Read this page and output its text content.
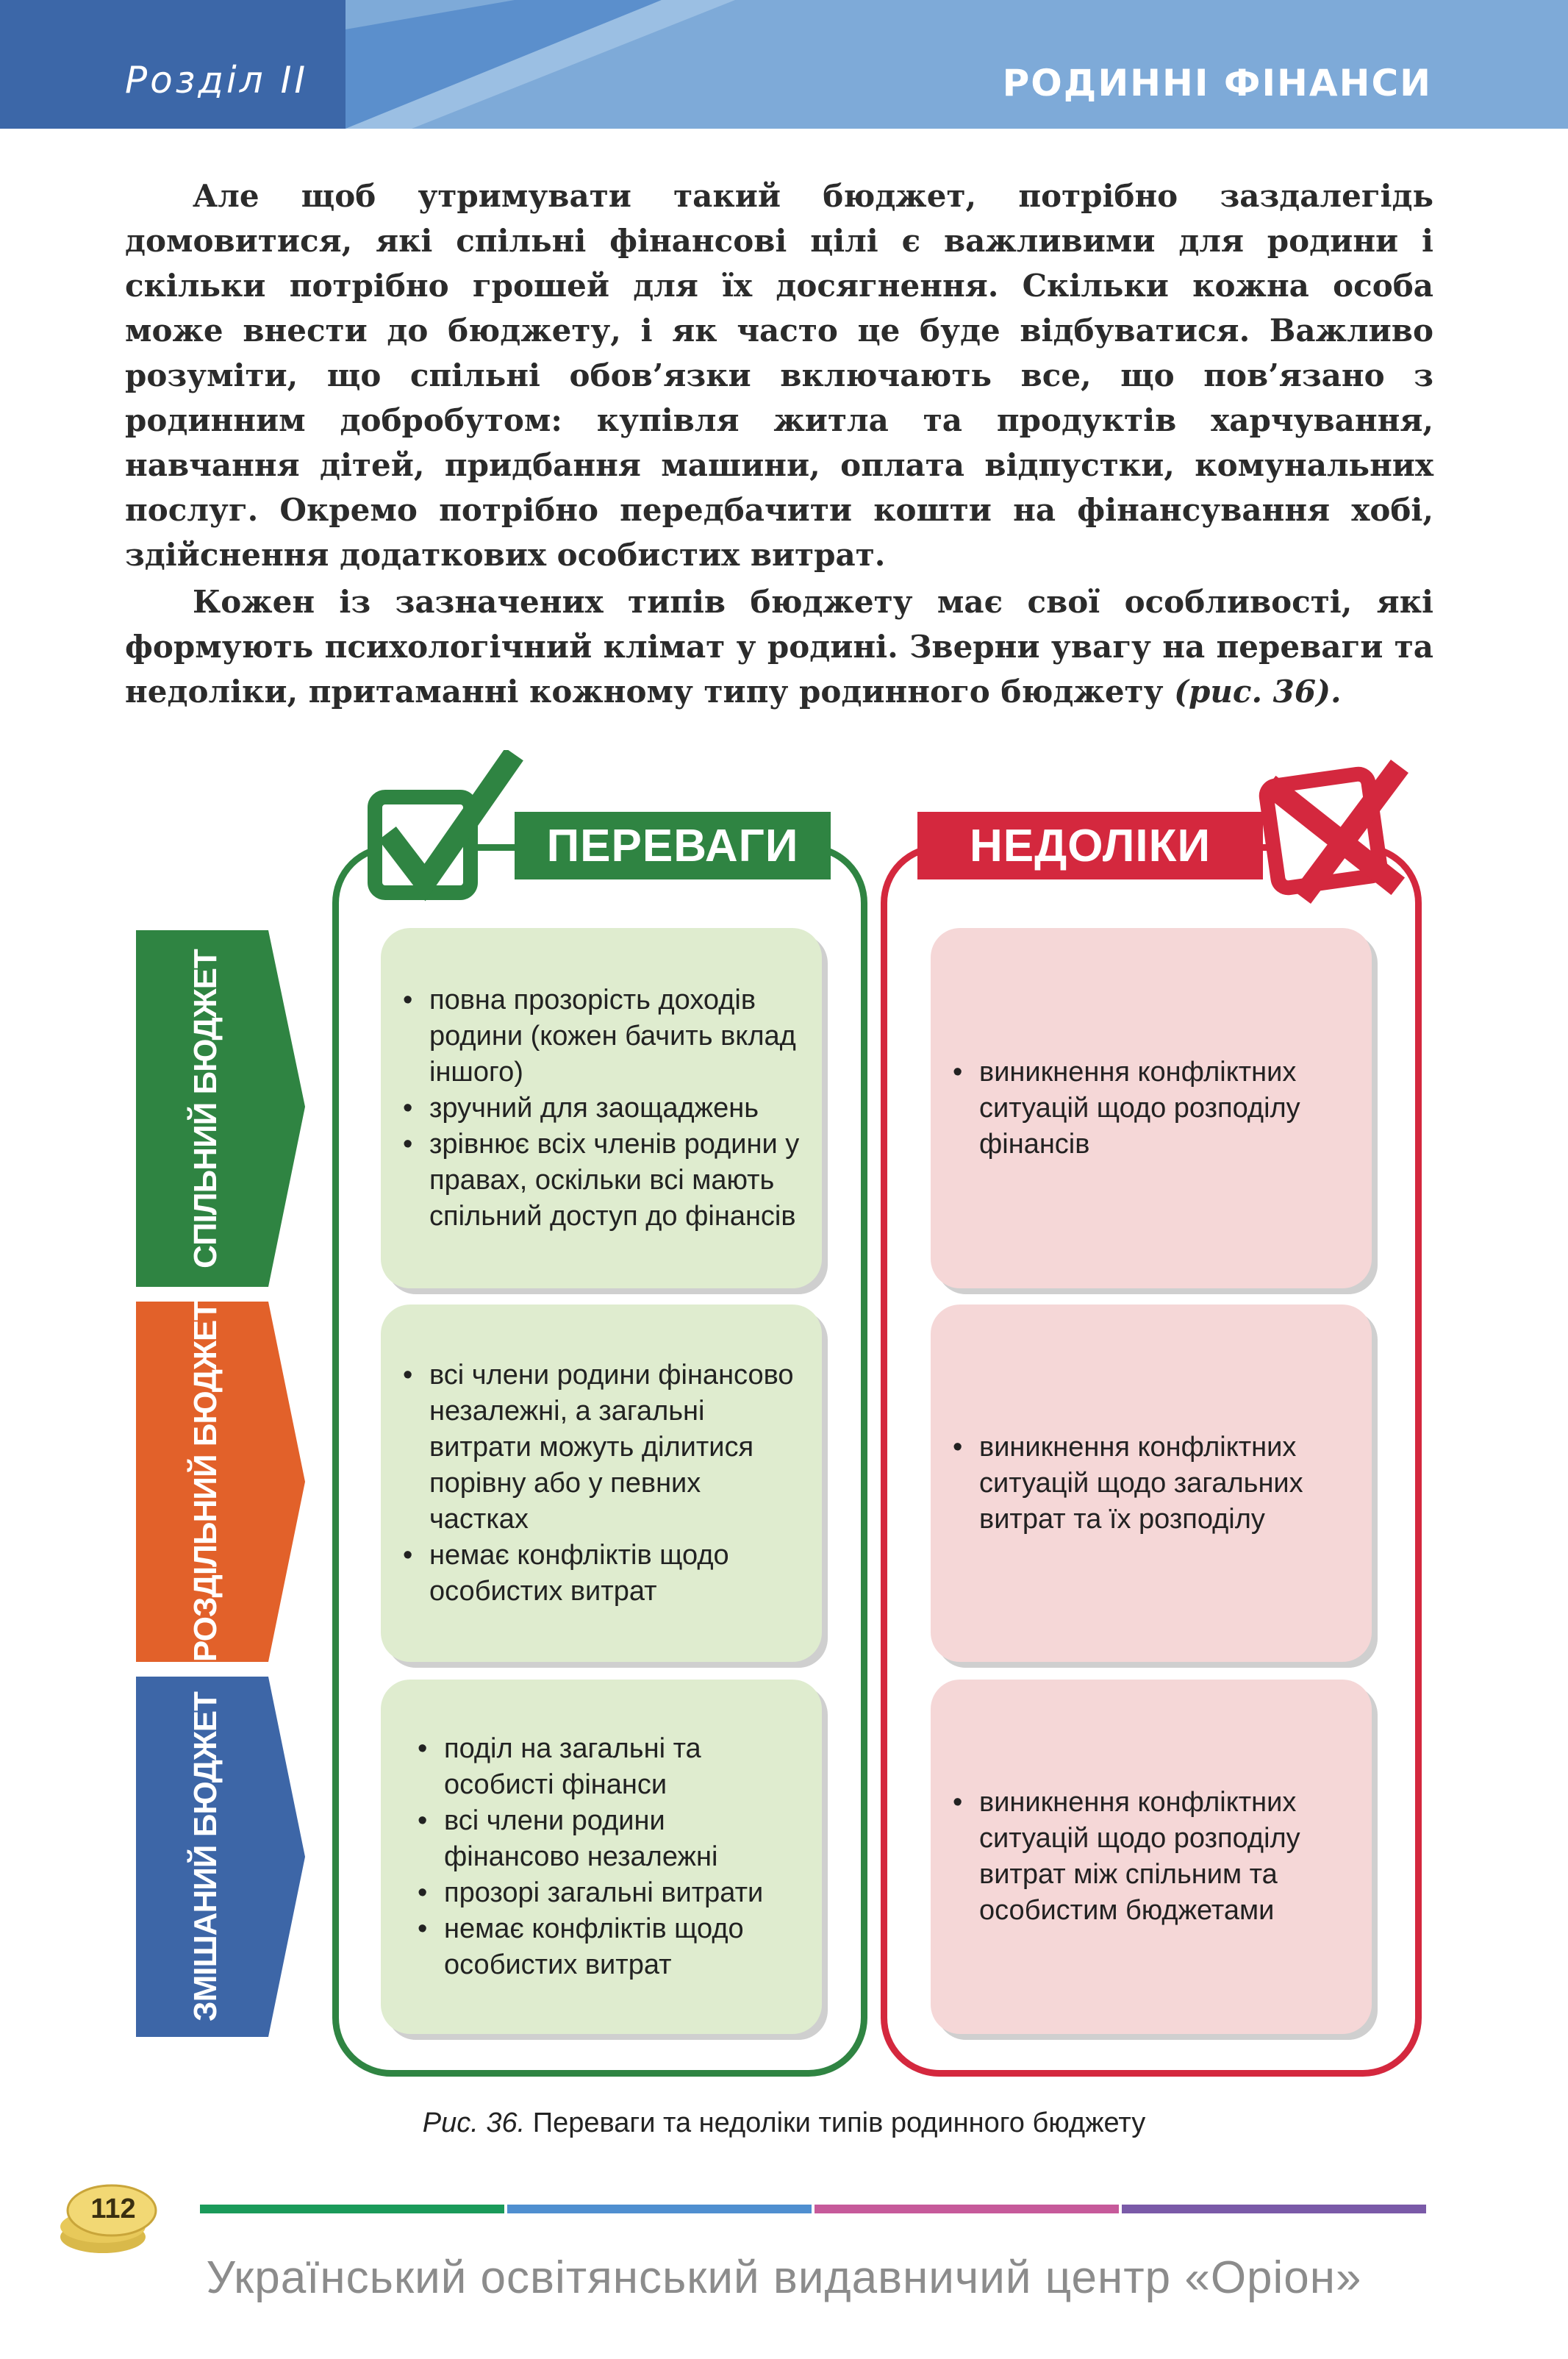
Розділ II	РОДИННІ ФІНАНСИ

Але щоб утримувати такий бюджет, потрібно заздалегідь домовитися, які спільні фінансові цілі є важливими для родини і скільки потрібно грошей для їх досягнення. Скільки кожна особа може внести до бюджету, і як часто це буде відбуватися. Важливо розуміти, що спільні обов’язки включають все, що пов’язано з родинним добробутом: купівля житла та продуктів харчування, навчання дітей, придбання машини, оплата відпустки, комунальних послуг. Окремо потрібно передбачити кошти на фінансування хобі, здійснення додаткових особистих витрат.

Кожен із зазначених типів бюджету має свої особливості, які формують психологічний клімат у родині. Зверни увагу на переваги та недоліки, притаманні кожному типу родинного бюджету (рис. 36).

ПЕРЕВАГИ	НЕДОЛІКИ
СПІЛЬНИЙ БЮДЖЕТ
РОЗДІЛЬНИЙ БЮДЖЕТ
ЗМІШАНИЙ БЮДЖЕТ
• повна прозорість доходів родини (кожен бачить вклад іншого)
• зручний для заощаджень
• зрівнює всіх членів родини у правах, оскільки всі мають спільний доступ до фінансів
• виникнення конфліктних ситуацій щодо розподілу фінансів
• всі члени родини фінансово незалежні, а загальні витрати можуть ділитися порівну або у певних частках
• немає конфліктів щодо особистих витрат
• виникнення конфліктних ситуацій щодо загальних витрат та їх розподілу
• поділ на загальні та особисті фінанси
• всі члени родини фінансово незалежні
• прозорі загальні витрати
• немає конфліктів щодо особистих витрат
• виникнення конфліктних ситуацій щодо розподілу витрат між спільним та особистим бюджетами
Рис. 36. Переваги та недоліки типів родинного бюджету
112
Український освітянський видавничий центр «Оріон»
